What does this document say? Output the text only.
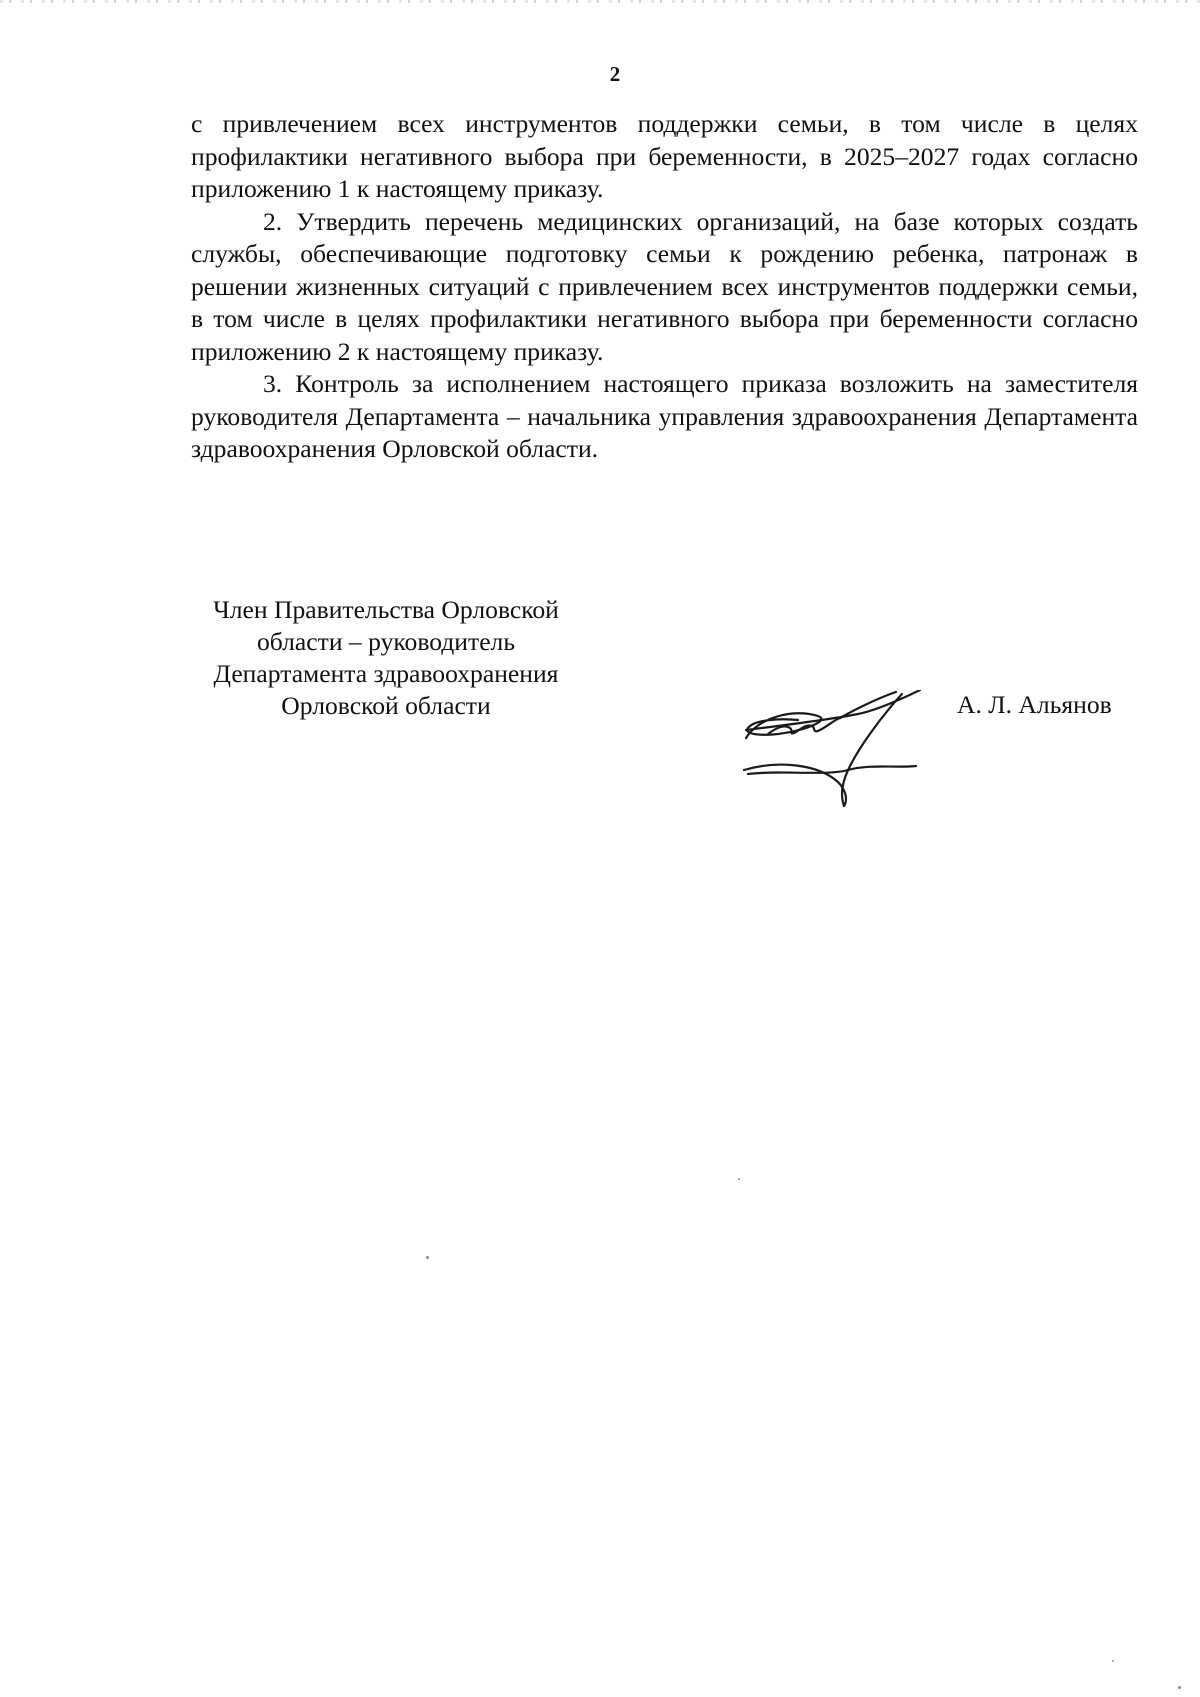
2

с привлечением всех инструментов поддержки семьи, в том числе в целях профилактики негативного выбора при беременности, в 2025–2027 годах согласно приложению 1 к настоящему приказу.

2. Утвердить перечень медицинских организаций, на базе которых создать службы, обеспечивающие подготовку семьи к рождению ребенка, патронаж в решении жизненных ситуаций с привлечением всех инструментов поддержки семьи, в том числе в целях профилактики негативного выбора при беременности согласно приложению 2 к настоящему приказу.

3. Контроль за исполнением настоящего приказа возложить на заместителя руководителя Департамента – начальника управления здравоохранения Департамента здравоохранения Орловской области.

Член Правительства Орловской
области – руководитель
Департамента здравоохранения
Орловской области	А. Л. Альянов
